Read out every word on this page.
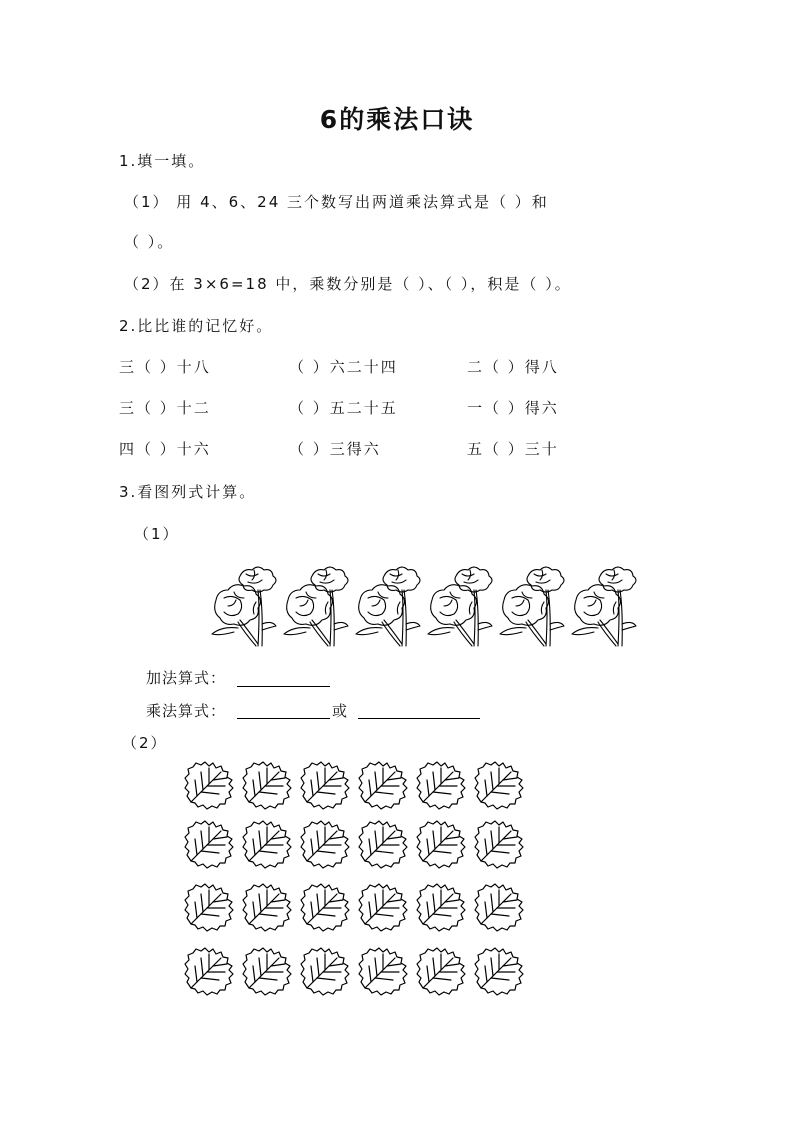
6的乘法口诀
1.填一填。
（1） 用 4、6、24 三个数写出两道乘法算式是（ ）和
（ ）。
（2）在 3×6=18 中，乘数分别是（ ）、（ ），积是（ ）。
2.比比谁的记忆好。
三（ ）十八	（ ）六二十四	二（ ）得八
三（ ）十二	（ ）五二十五	一（ ）得六
四（ ）十六	（ ）三得六	五（ ）三十
3.看图列式计算。
（1）
加法算式：
乘法算式：	或
（2）
